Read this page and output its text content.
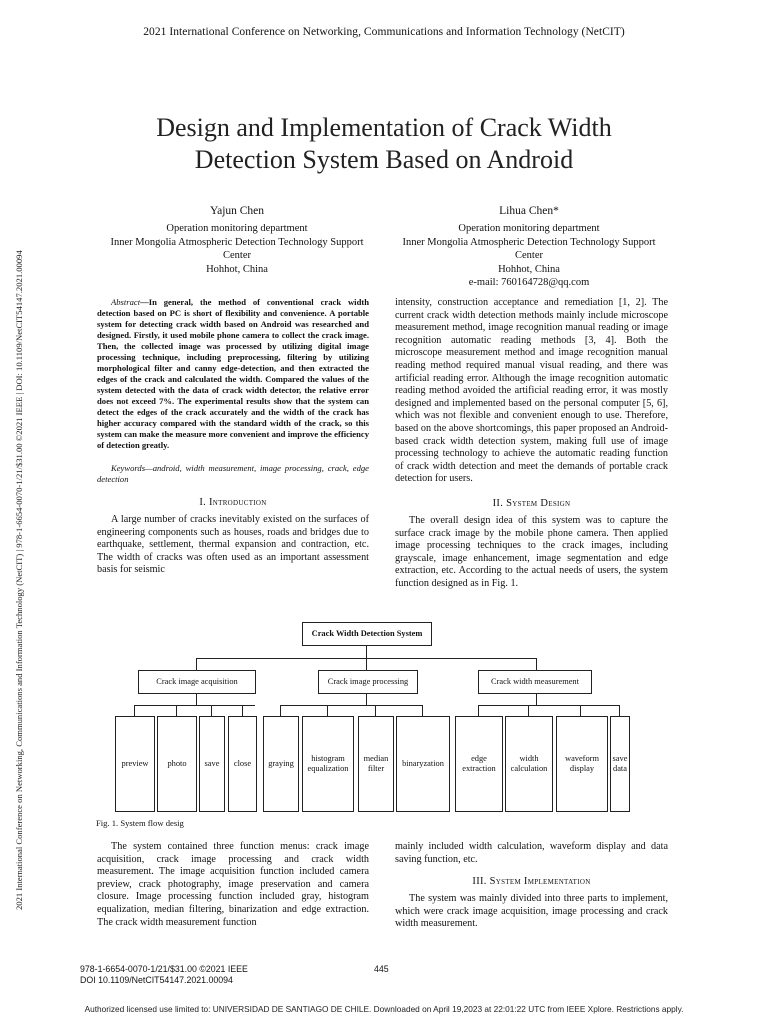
2021 International Conference on Networking, Communications and Information Technology (NetCIT)
2021 International Conference on Networking, Communications and Information Technology (NetCIT) | 978-1-6654-0070-1/21/$31.00 ©2021 IEEE | DOI: 10.1109/NetCIT54147.2021.00094
Design and Implementation of Crack Width
Detection System Based on Android
Yajun Chen
Operation monitoring department
Inner Mongolia Atmospheric Detection Technology Support
Center
Hohhot, China
Lihua Chen*
Operation monitoring department
Inner Mongolia Atmospheric Detection Technology Support
Center
Hohhot, China
e-mail: 760164728@qq.com

Abstract—In general, the method of conventional crack width detection based on PC is short of flexibility and convenience. A portable system for detecting crack width based on Android was researched and designed. Firstly, it used mobile phone camera to collect the crack image. Then, the collected image was processed by utilizing digital image processing technique, including preprocessing, filtering by utilizing morphological filter and canny edge-detection, and then extracted the edges of the crack and calculated the width. Compared the values of the system detected with the data of crack width detector, the relative error does not exceed 7%. The experimental results show that the system can detect the edges of the crack accurately and the width of the crack has higher accuracy compared with the standard width of the crack, so this system can make the measure more convenient and improve the efficiency of detection greatly.

Keywords—android, width measurement, image processing, crack, edge detection

I. Introduction

A large number of cracks inevitably existed on the surfaces of engineering components such as houses, roads and bridges due to earthquake, settlement, thermal expansion and contraction, etc. The width of cracks was often used as an important assessment basis for seismic

intensity, construction acceptance and remediation [1, 2]. The current crack width detection methods mainly include microscope measurement method, image recognition manual reading or image recognition automatic reading methods [3, 4]. Both the microscope measurement method and image recognition manual reading method required manual visual reading, and there was artificial reading error. Although the image recognition automatic reading method avoided the artificial reading error, it was mostly designed and implemented based on the personal computer [5, 6], which was not flexible and convenient enough to use. Therefore, based on the above shortcomings, this paper proposed an Android-based crack width detection system, making full use of image processing technology to achieve the automatic reading function of crack width detection and meet the demands of portable crack detection for users.

II. System Design

The overall design idea of this system was to capture the surface crack image by the mobile phone camera. Then applied image processing techniques to the crack images, including grayscale, image enhancement, image segmentation and edge extraction, etc. According to the actual needs of users, the system function designed as in Fig. 1.

Crack Width Detection System
Crack image acquisition	Crack image processing	Crack width measurement
preview	photo	save	close	graying
histogram equalization
median filter
binaryzation
edge extraction
width calculation
waveform display
save data
Fig. 1. System flow desig

The system contained three function menus: crack image acquisition, crack image processing and crack width measurement. The image acquisition function included camera preview, crack photography, image preservation and camera closure. Image processing function included gray, histogram equalization, median filtering, binarization and edge extraction. The crack width measurement function

mainly included width calculation, waveform display and data saving function, etc.

III. System Implementation

The system was mainly divided into three parts to implement, which were crack image acquisition, image processing and crack width measurement.

978-1-6654-0070-1/21/$31.00 ©2021 IEEE
DOI 10.1109/NetCIT54147.2021.00094
445
Authorized licensed use limited to: UNIVERSIDAD DE SANTIAGO DE CHILE. Downloaded on April 19,2023 at 22:01:22 UTC from IEEE Xplore. Restrictions apply.
